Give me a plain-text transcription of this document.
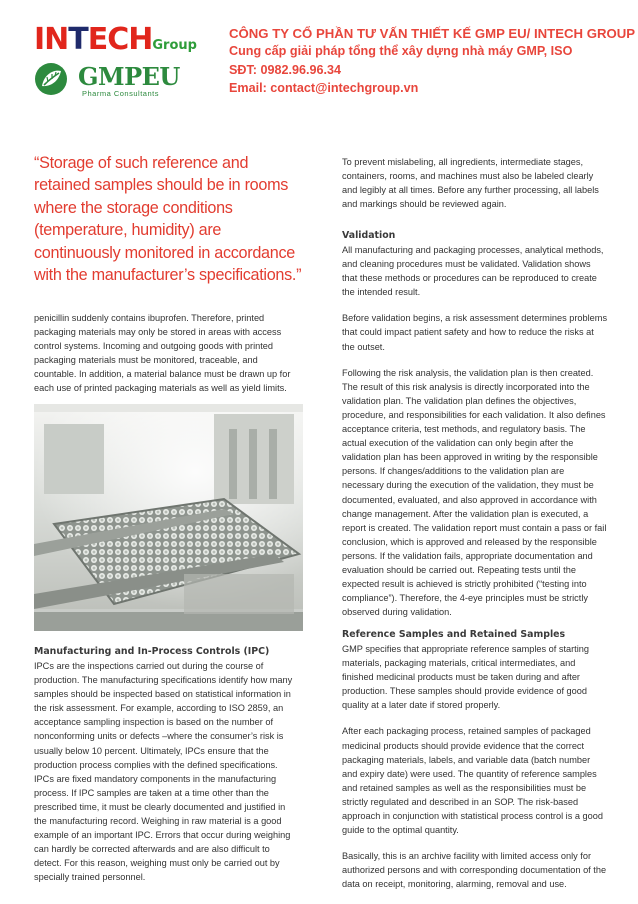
INTECHGroup
GMPEU
Pharma Consultants
CÔNG TY CỔ PHẦN TƯ VẤN THIẾT KẾ GMP EU/ INTECH GROUP
Cung cấp giải pháp tổng thể xây dựng nhà máy GMP, ISO
SĐT: 0982.96.96.34
Email: contact@intechgroup.vn

“Storage of such reference and retained samples should be in rooms where the storage conditions (temperature, humidity) are continuously monitored in accordance with the manufacturer’s specifications.”

penicillin suddenly contains ibuprofen. Therefore, printed packaging materials may only be stored in areas with access control systems. Incoming and outgoing goods with printed packaging materials must be monitored, traceable, and countable. In addition, a material balance must be drawn up for each use of printed packaging materials as well as yield limits.

Manufacturing and In-Process Controls (IPC)

IPCs are the inspections carried out during the course of production. The manufacturing specifications identify how many samples should be inspected based on statistical information in the risk assessment. For example, according to ISO 2859, an acceptance sampling inspection is based on the number of nonconforming units or defects –where the consumer’s risk is usually below 10 percent. Ultimately, IPCs ensure that the production process complies with the defined specifications. IPCs are fixed mandatory components in the manufacturing process. If IPC samples are taken at a time other than the prescribed time, it must be clearly documented and justified in the manufacturing record. Weighing in raw material is a good example of an important IPC. Errors that occur during weighing can hardly be corrected afterwards and are also difficult to detect. For this reason, weighing must only be carried out by specially trained personnel.

To prevent mislabeling, all ingredients, intermediate stages, containers, rooms, and machines must also be labeled clearly and legibly at all times. Before any further processing, all labels and markings should be reviewed again.

Validation

All manufacturing and packaging processes, analytical methods, and cleaning procedures must be validated. Validation shows that these methods or procedures can be reproduced to create the intended result.

Before validation begins, a risk assessment determines problems that could impact patient safety and how to reduce the risks at the outset.

Following the risk analysis, the validation plan is then created. The result of this risk analysis is directly incorporated into the validation plan. The validation plan defines the objectives, procedure, and responsibilities for each validation. It also defines acceptance criteria, test methods, and regulatory basis. The actual execution of the validation can only begin after the validation plan has been approved in writing by the responsible persons. If changes/additions to the validation plan are necessary during the execution of the validation, they must be documented, evaluated, and also approved in accordance with change management. After the validation plan is executed, a report is created. The validation report must contain a pass or fail conclusion, which is approved and released by the responsible persons. If the validation fails, appropriate documentation and evaluation should be carried out. Repeating tests until the expected result is achieved is strictly prohibited (“testing into compliance”). Therefore, the 4-eye principles must be strictly observed during validation.

Reference Samples and Retained Samples

GMP specifies that appropriate reference samples of starting materials, packaging materials, critical intermediates, and finished medicinal products must be taken during and after production. These samples should provide evidence of good quality at a later date if stored properly.

After each packaging process, retained samples of packaged medicinal products should provide evidence that the correct packaging materials, labels, and variable data (batch number and expiry date) were used. The quantity of reference samples and retained samples as well as the responsibilities must be strictly regulated and described in an SOP. The risk-based approach in conjunction with statistical process control is a good guide to the optimal quantity.

Basically, this is an archive facility with limited access only for authorized persons and with corresponding documentation of the data on receipt, monitoring, alarming, removal and use.
